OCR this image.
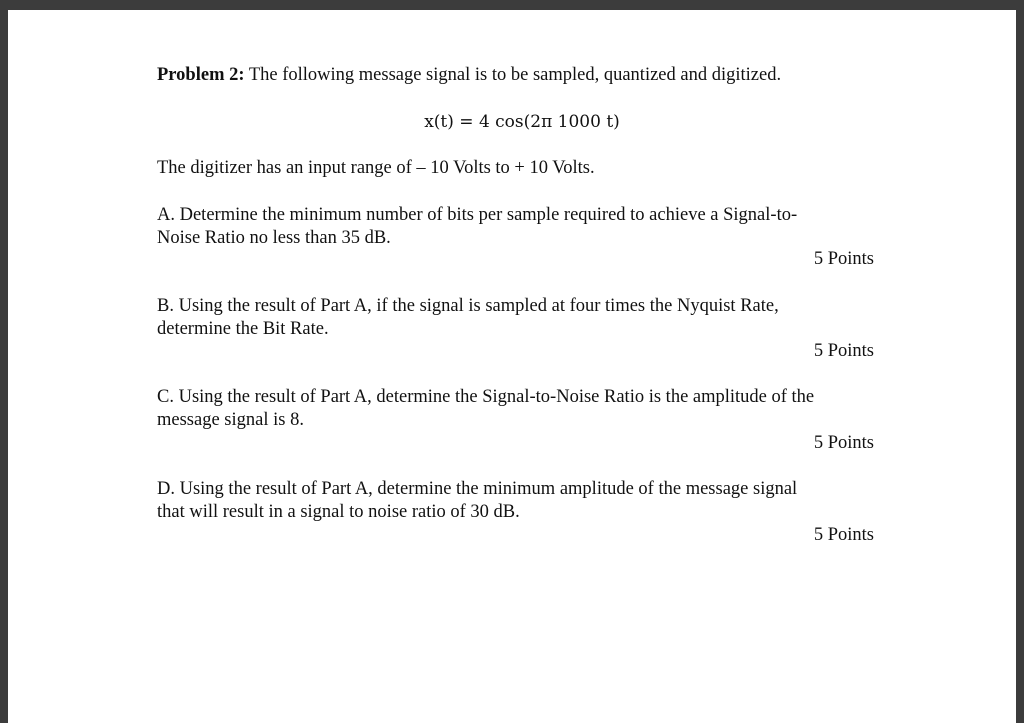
Problem 2: The following message signal is to be sampled, quantized and digitized.
x(t) = 4 cos(2π 1000 t)
The digitizer has an input range of – 10 Volts to + 10 Volts.
A. Determine the minimum number of bits per sample required to achieve a Signal-to-
Noise Ratio no less than 35 dB.
5 Points
B. Using the result of Part A, if the signal is sampled at four times the Nyquist Rate,
determine the Bit Rate.
5 Points
C. Using the result of Part A, determine the Signal-to-Noise Ratio is the amplitude of the
message signal is 8.
5 Points
D. Using the result of Part A, determine the minimum amplitude of the message signal
that will result in a signal to noise ratio of 30 dB.
5 Points
